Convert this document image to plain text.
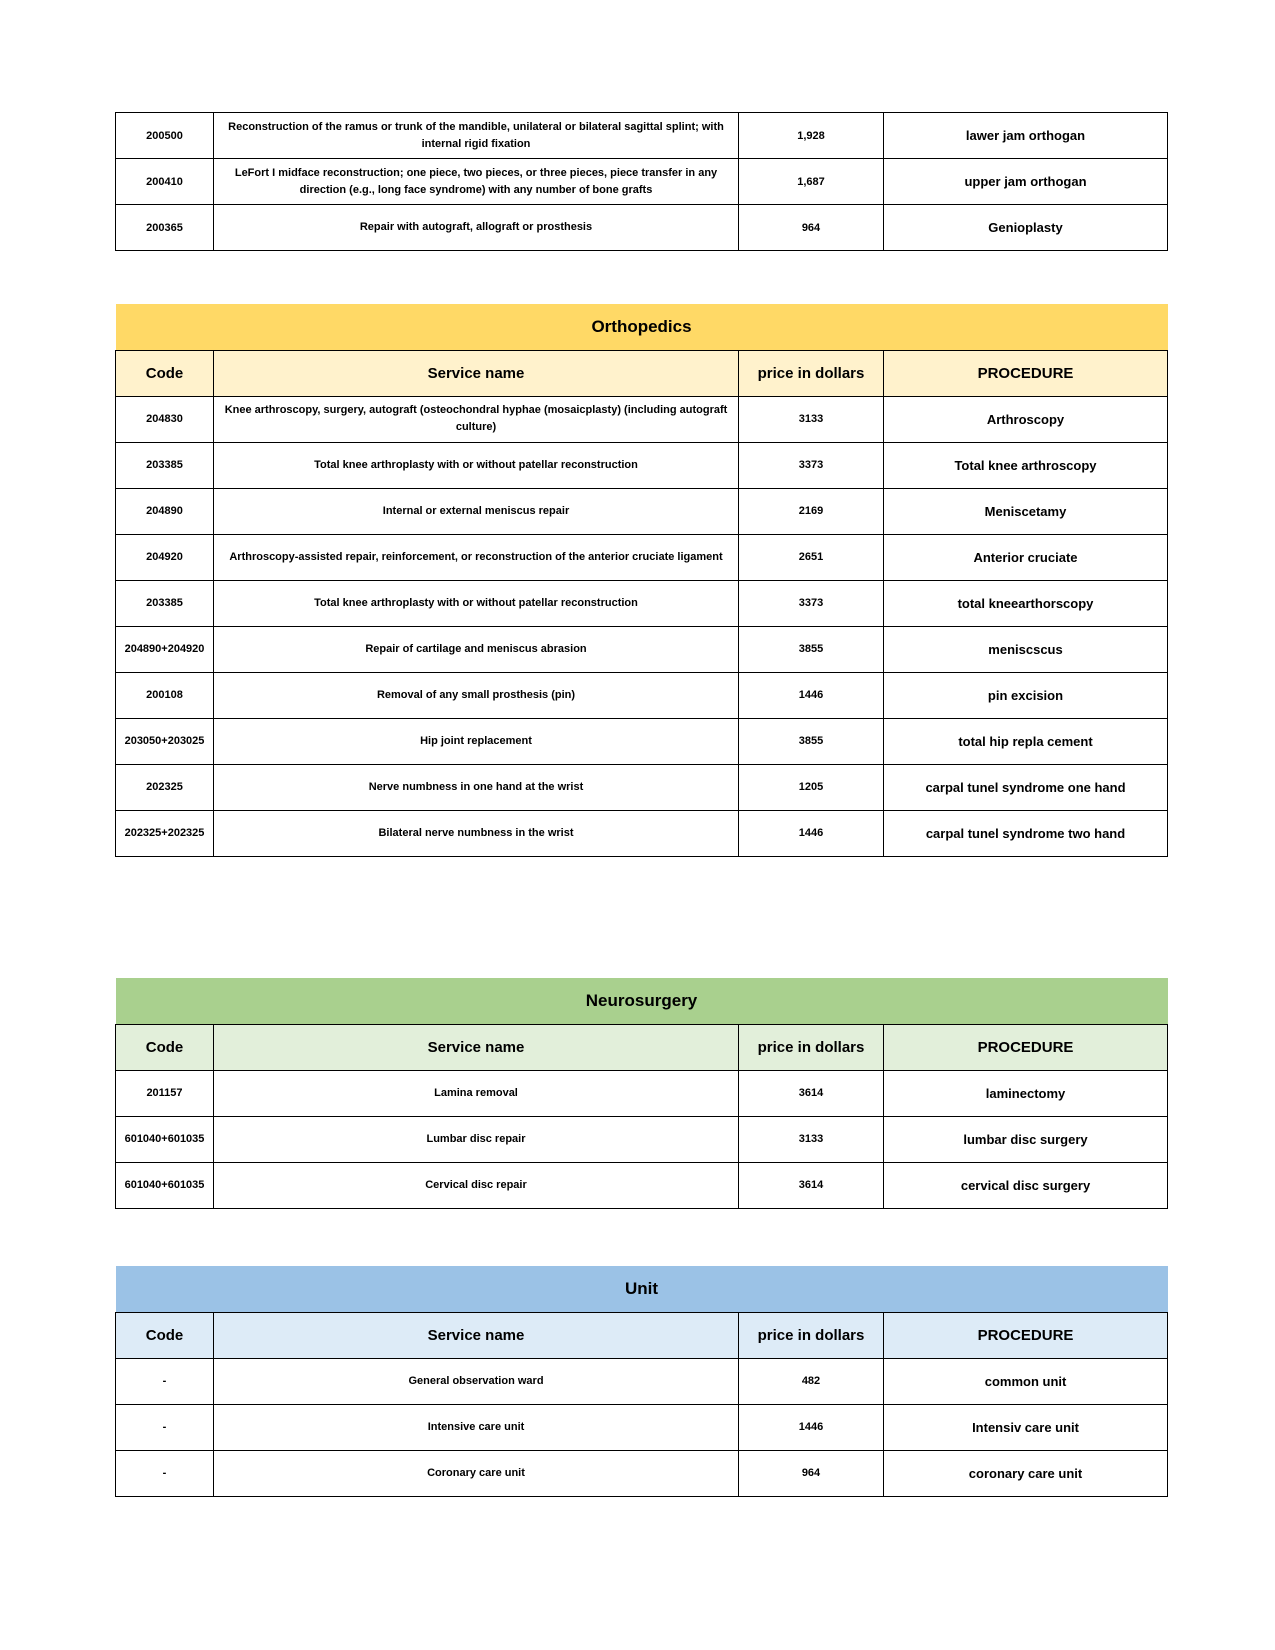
200500	Reconstruction of the ramus or trunk of the mandible, unilateral or bilateral sagittal splint; with internal rigid fixation	1,928	lawer jam orthogan
200410	LeFort I midface reconstruction; one piece, two pieces, or three pieces, piece transfer in any direction (e.g., long face syndrome) with any number of bone grafts	1,687	upper jam orthogan
200365	Repair with autograft, allograft or prosthesis	964	Genioplasty
Orthopedics			
Code	Service name	price in dollars	PROCEDURE
204830	Knee arthroscopy, surgery, autograft (osteochondral hyphae (mosaicplasty) (including autograft culture)	3133	Arthroscopy
203385	Total knee arthroplasty with or without patellar reconstruction	3373	Total knee arthroscopy
204890	Internal or external meniscus repair	2169	Meniscetamy
204920	Arthroscopy-assisted repair, reinforcement, or reconstruction of the anterior cruciate ligament	2651	Anterior cruciate
203385	Total knee arthroplasty with or without patellar reconstruction	3373	total kneearthorscopy
204890+204920	Repair of cartilage and meniscus abrasion	3855	meniscscus
200108	Removal of any small prosthesis (pin)	1446	pin excision
203050+203025	Hip joint replacement	3855	total hip repla cement
202325	Nerve numbness in one hand at the wrist	1205	carpal tunel syndrome one hand
202325+202325	Bilateral nerve numbness in the wrist	1446	carpal tunel syndrome two hand
Neurosurgery			
Code	Service name	price in dollars	PROCEDURE
201157	Lamina removal	3614	laminectomy
601040+601035	Lumbar disc repair	3133	lumbar disc surgery
601040+601035	Cervical disc repair	3614	cervical disc surgery
Unit			
Code	Service name	price in dollars	PROCEDURE
-	General observation ward	482	common unit
-	Intensive care unit	1446	Intensiv care unit
-	Coronary care unit	964	coronary care unit
